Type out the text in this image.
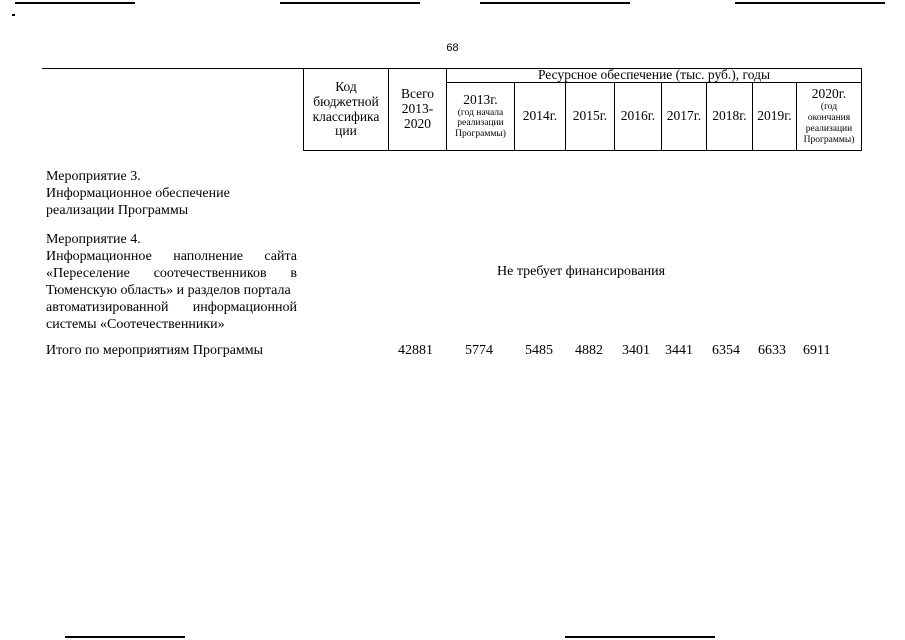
68
Код
бюджетной
классифика
ции
Всего
2013-
2020
Ресурсное обеспечение (тыс. руб.), годы
2013г.
(год начала
реализации
Программы)
2014г.	2015г.	2016г. 2017г. 2018г. 2019г.
2020г.
(год
окончания
реализации
Программы)
Мероприятие 3.
Информационное обеспечение
реализации Программы
Мероприятие 4.
Информационное наполнение сайта
«Переселение соотечественников в
Тюменскую область» и разделов портала
автоматизированной информационной
системы «Соотечественники»
Не требует финансирования
Итого по мероприятиям Программы	42881 5774 5485 4882 3401 3441 6354 6633 6911
